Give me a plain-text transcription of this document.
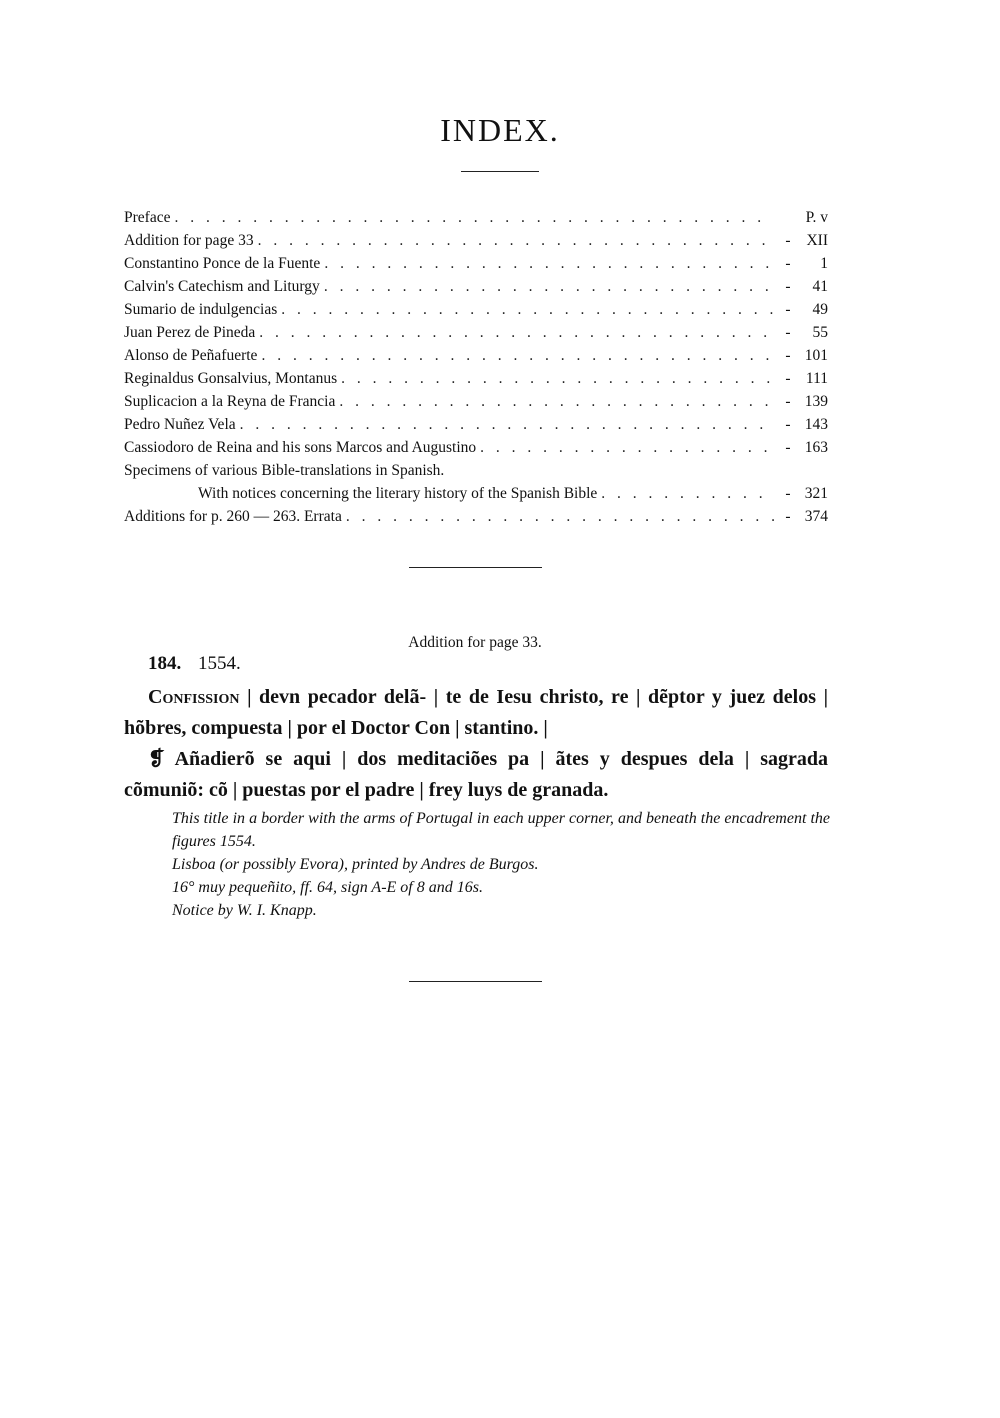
INDEX.
Preface . . .	P. v
Addition for page 33 . . .	-	XII
Constantino Ponce de la Fuente . . .	-	1
Calvin's Catechism and Liturgy . . .	-	41
Sumario de indulgencias . . .	-	49
Juan Perez de Pineda . . .	-	55
Alonso de Peñafuerte . . .	- 101
Reginaldus Gonsalvius, Montanus . . .	- 111
Suplicacion a la Reyna de Francia . . .	- 139
Pedro Nuñez Vela . . .	- 143
Cassiodoro de Reina and his sons Marcos and Augustino . . .	- 163
Specimens of various Bible-translations in Spanish.
With notices concerning the literary history of the Spanish Bible . . .	- 321
Additions for p. 260 — 263. Errata . . .	- 374
Addition for page 33.
184. 1554.
Confission | devn pecador delã- | te de Iesu christo, re | dẽptor y juez delos | hõbres, compuesta | por el Doctor Con | stantino. |
❡ Añadierõ se aqui | dos meditaciões pa | ãtes y despues dela | sagrada cõmuniõ: cõ | puestas por el padre | frey luys de granada.
This title in a border with the arms of Portugal in each upper corner, and beneath the encadrement the figures 1554.
Lisboa (or possibly Evora), printed by Andres de Burgos.
16° muy pequeñito, ff. 64, sign A-E of 8 and 16s.
Notice by W. I. Knapp.
